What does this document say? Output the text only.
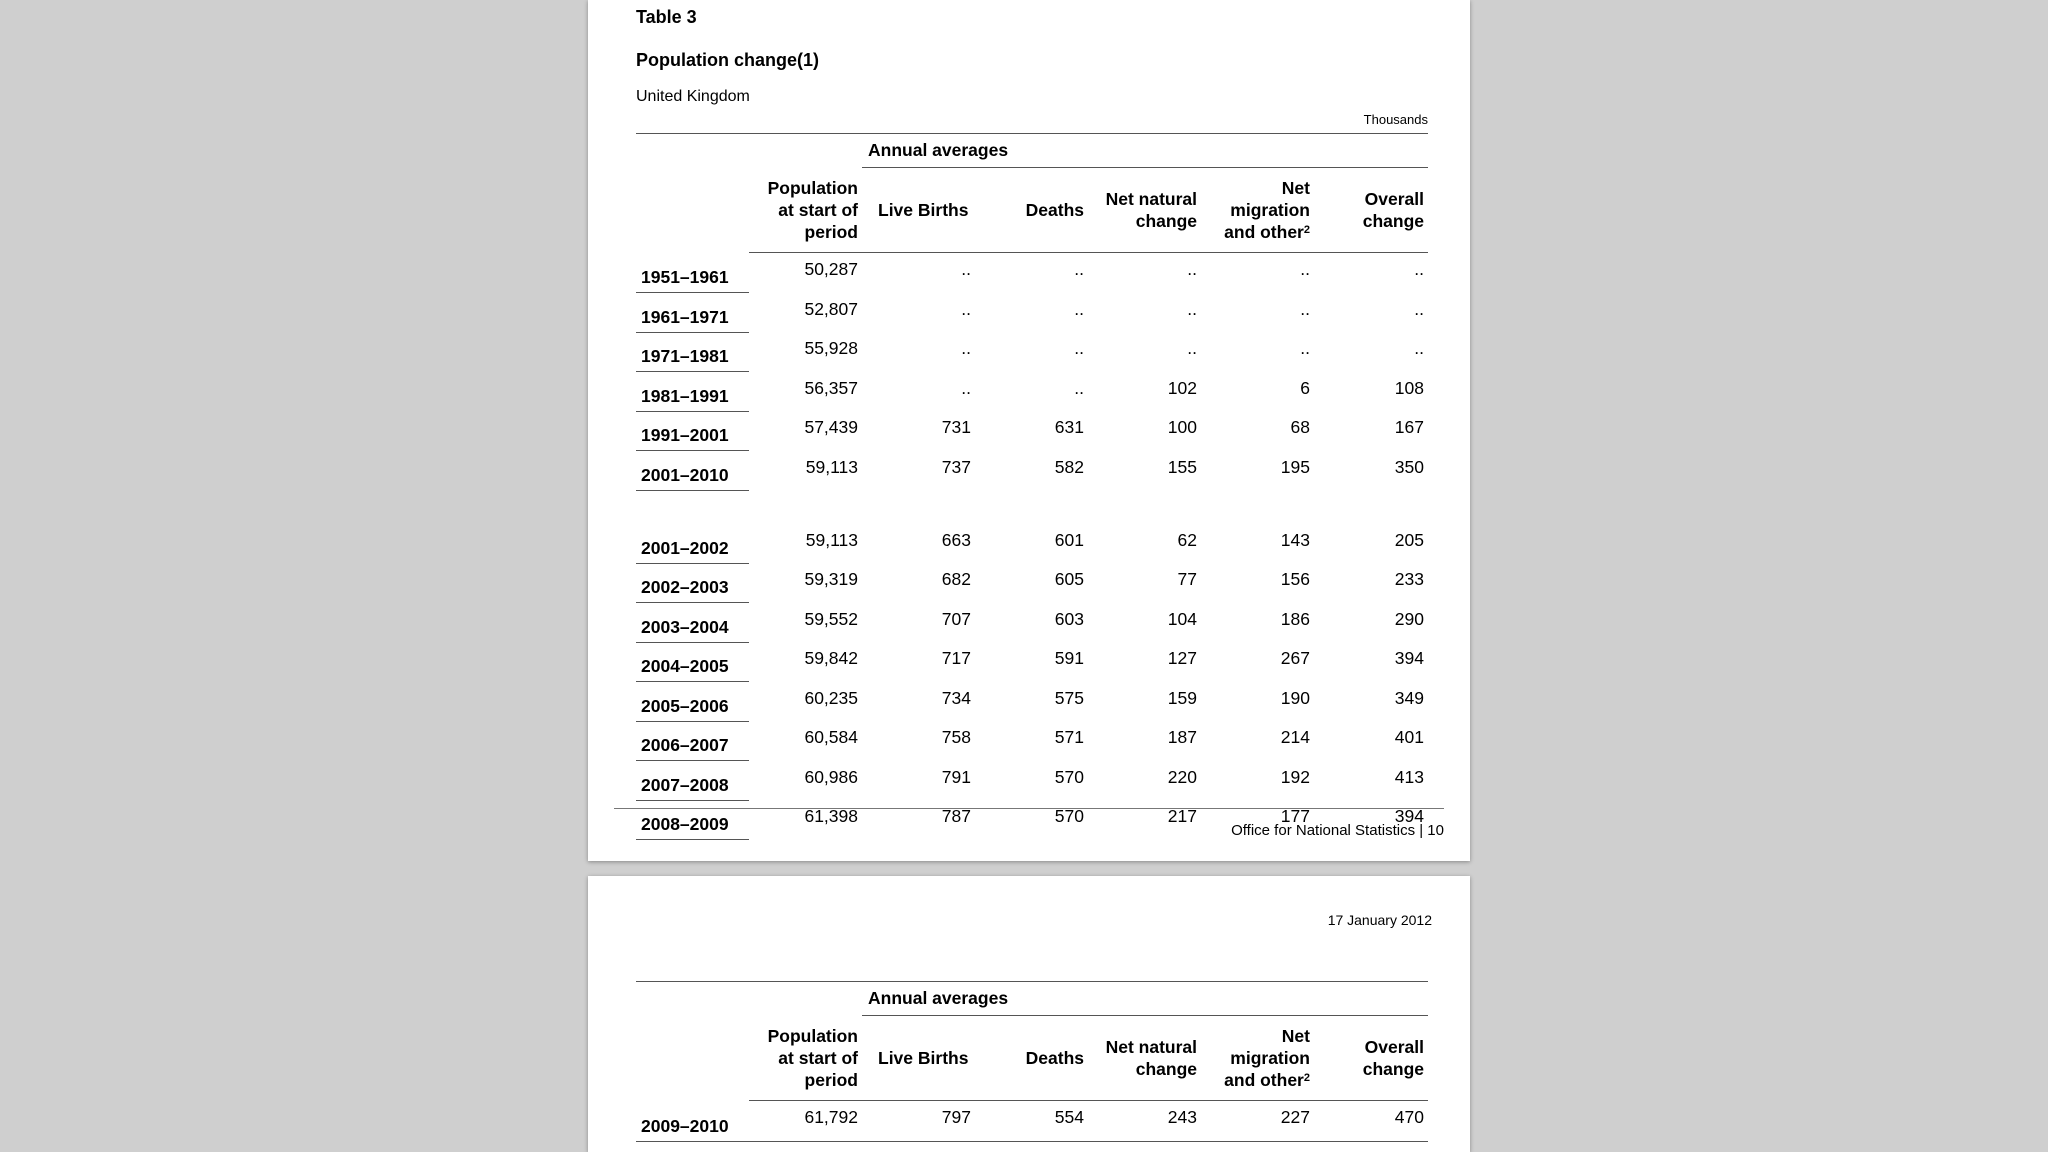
Table 3
Population change(1)
United Kingdom
Thousands
		Annual averages				
	Population
at start of
period	Live Births	Deaths	Net natural
change	Net
migration
and other$^2$	Overall
change
1951–1961	50,287	..	..	..	..	..
1961–1971	52,807	..	..	..	..	..
1971–1981	55,928	..	..	..	..	..
1981–1991	56,357	..	..	102	6	108
1991–2001	57,439	731	631	100	68	167
2001–2010	59,113	737	582	155	195	350

2001–2002	59,113	663	601	62	143	205
2002–2003	59,319	682	605	77	156	233
2003–2004	59,552	707	603	104	186	290
2004–2005	59,842	717	591	127	267	394
2005–2006	60,235	734	575	159	190	349
2006–2007	60,584	758	571	187	214	401
2007–2008	60,986	791	570	220	192	413
2008–2009	61,398	787	570	217	177	394
Office for National Statistics | 10
17 January 2012
		Annual averages				
	Population
at start of
period	Live Births	Deaths	Net natural
change	Net
migration
and other$^2$	Overall
change
2009–2010	61,792	797	554	243	227	470
